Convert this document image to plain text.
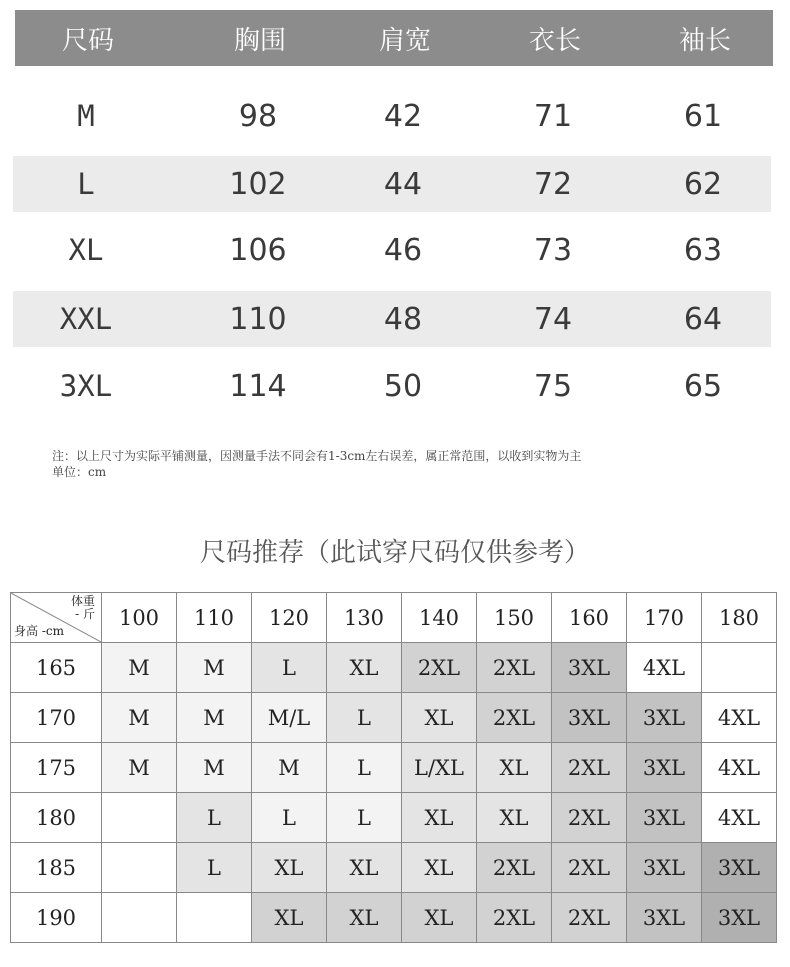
尺码	胸围	肩宽	衣长	袖长
M	98	42	71	61
L	102	44	72	62
XL	106	46	73	63
XXL	110	48	74	64
3XL	114	50	75	65
注：以上尺寸为实际平铺测量，因测量手法不同会有1-3cm左右误差，属正常范围，以收到实物为主
单位：cm
尺码推荐（此试穿尺码仅供参考）
体重
- 斤
身高 -cm	100	110	120	130	140	150	160	170	180
165	M	M	L	XL	2XL	2XL	3XL	4XL	
170	M	M	M/L	L	XL	2XL	3XL	3XL	4XL
175	M	M	M	L	L/XL	XL	2XL	3XL	4XL
180		L	L	L	XL	XL	2XL	3XL	4XL
185		L	XL	XL	XL	2XL	2XL	3XL	3XL
190			XL	XL	XL	2XL	2XL	3XL	3XL
